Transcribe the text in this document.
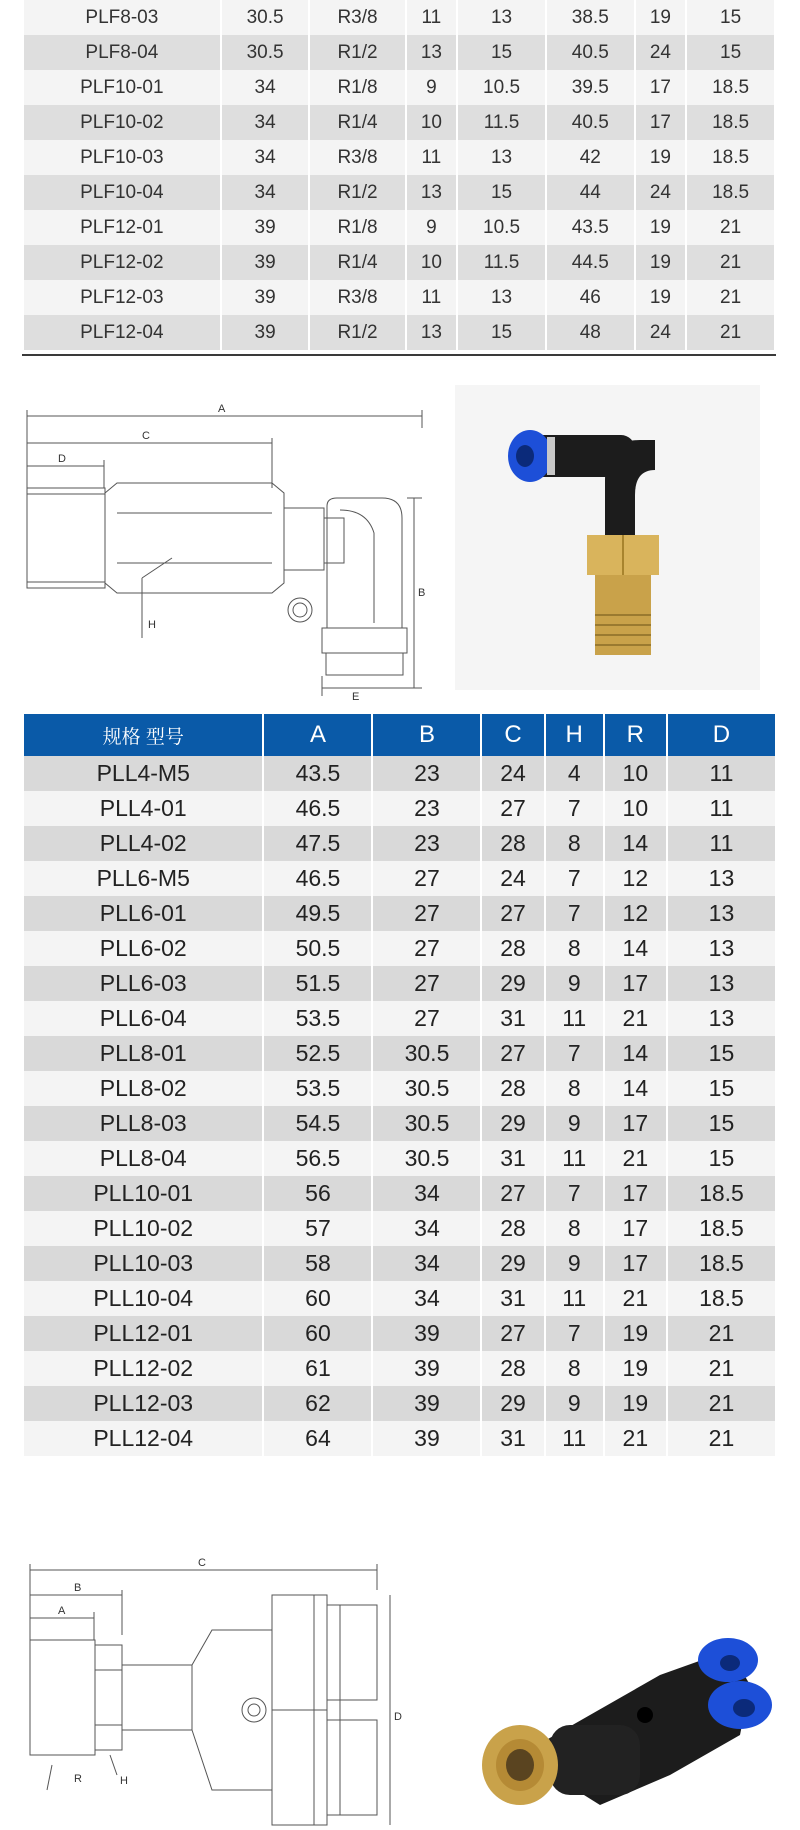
PLF8-03	30.5	R3/8	11	13	38.5	19	15
PLF8-04	30.5	R1/2	13	15	40.5	24	15
PLF10-01	34	R1/8	9	10.5	39.5	17	18.5
PLF10-02	34	R1/4	10	11.5	40.5	17	18.5
PLF10-03	34	R3/8	11	13	42	19	18.5
PLF10-04	34	R1/2	13	15	44	24	18.5
PLF12-01	39	R1/8	9	10.5	43.5	19	21
PLF12-02	39	R1/4	10	11.5	44.5	19	21
PLF12-03	39	R3/8	11	13	46	19	21
PLF12-04	39	R1/2	13	15	48	24	21
A
C
D
B
E
H
规格 型号	A	B	C	H	R	D
PLL4-M5	43.5	23	24	4	10	11
PLL4-01	46.5	23	27	7	10	11
PLL4-02	47.5	23	28	8	14	11
PLL6-M5	46.5	27	24	7	12	13
PLL6-01	49.5	27	27	7	12	13
PLL6-02	50.5	27	28	8	14	13
PLL6-03	51.5	27	29	9	17	13
PLL6-04	53.5	27	31	11	21	13
PLL8-01	52.5	30.5	27	7	14	15
PLL8-02	53.5	30.5	28	8	14	15
PLL8-03	54.5	30.5	29	9	17	15
PLL8-04	56.5	30.5	31	11	21	15
PLL10-01	56	34	27	7	17	18.5
PLL10-02	57	34	28	8	17	18.5
PLL10-03	58	34	29	9	17	18.5
PLL10-04	60	34	31	11	21	18.5
PLL12-01	60	39	27	7	19	21
PLL12-02	61	39	28	8	19	21
PLL12-03	62	39	29	9	19	21
PLL12-04	64	39	31	11	21	21
C
B
A
D
H
R
